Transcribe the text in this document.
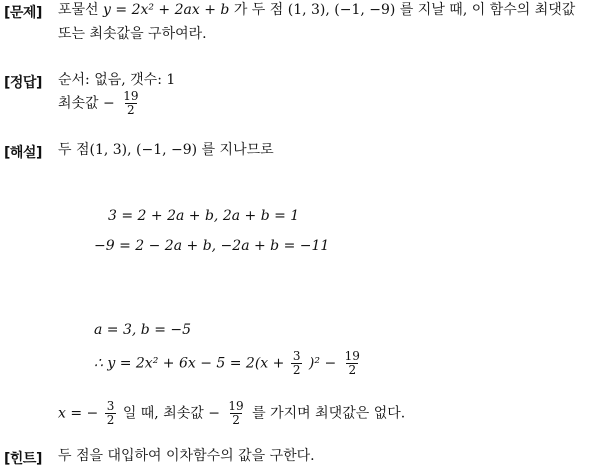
[문제] 포물선 y = 2x² + 2ax + b 가 두 점 (1, 3), (−1, −9) 를 지날 때, 이 함수의 최댓값
또는 최솟값을 구하여라.
[정답] 순서: 없음, 갯수: 1
최솟값 − $\frac{19}{2}$
[해설] 두 점(1, 3), (−1, −9) 를 지나므로
3 = 2 + 2a + b, 2a + b = 1
−9 = 2 − 2a + b, −2a + b = −11
a = 3, b = −5
∴ $y = 2x^2 + 6x - 5 = 2(x + \frac{3}{2} )^2 - \frac{19}{2}$
x = − $\frac{3}{2}$ 일 때, 최솟값 − $\frac{19}{2}$ 를 가지며 최댓값은 없다.
[힌트] 두 점을 대입하여 이차함수의 값을 구한다.
